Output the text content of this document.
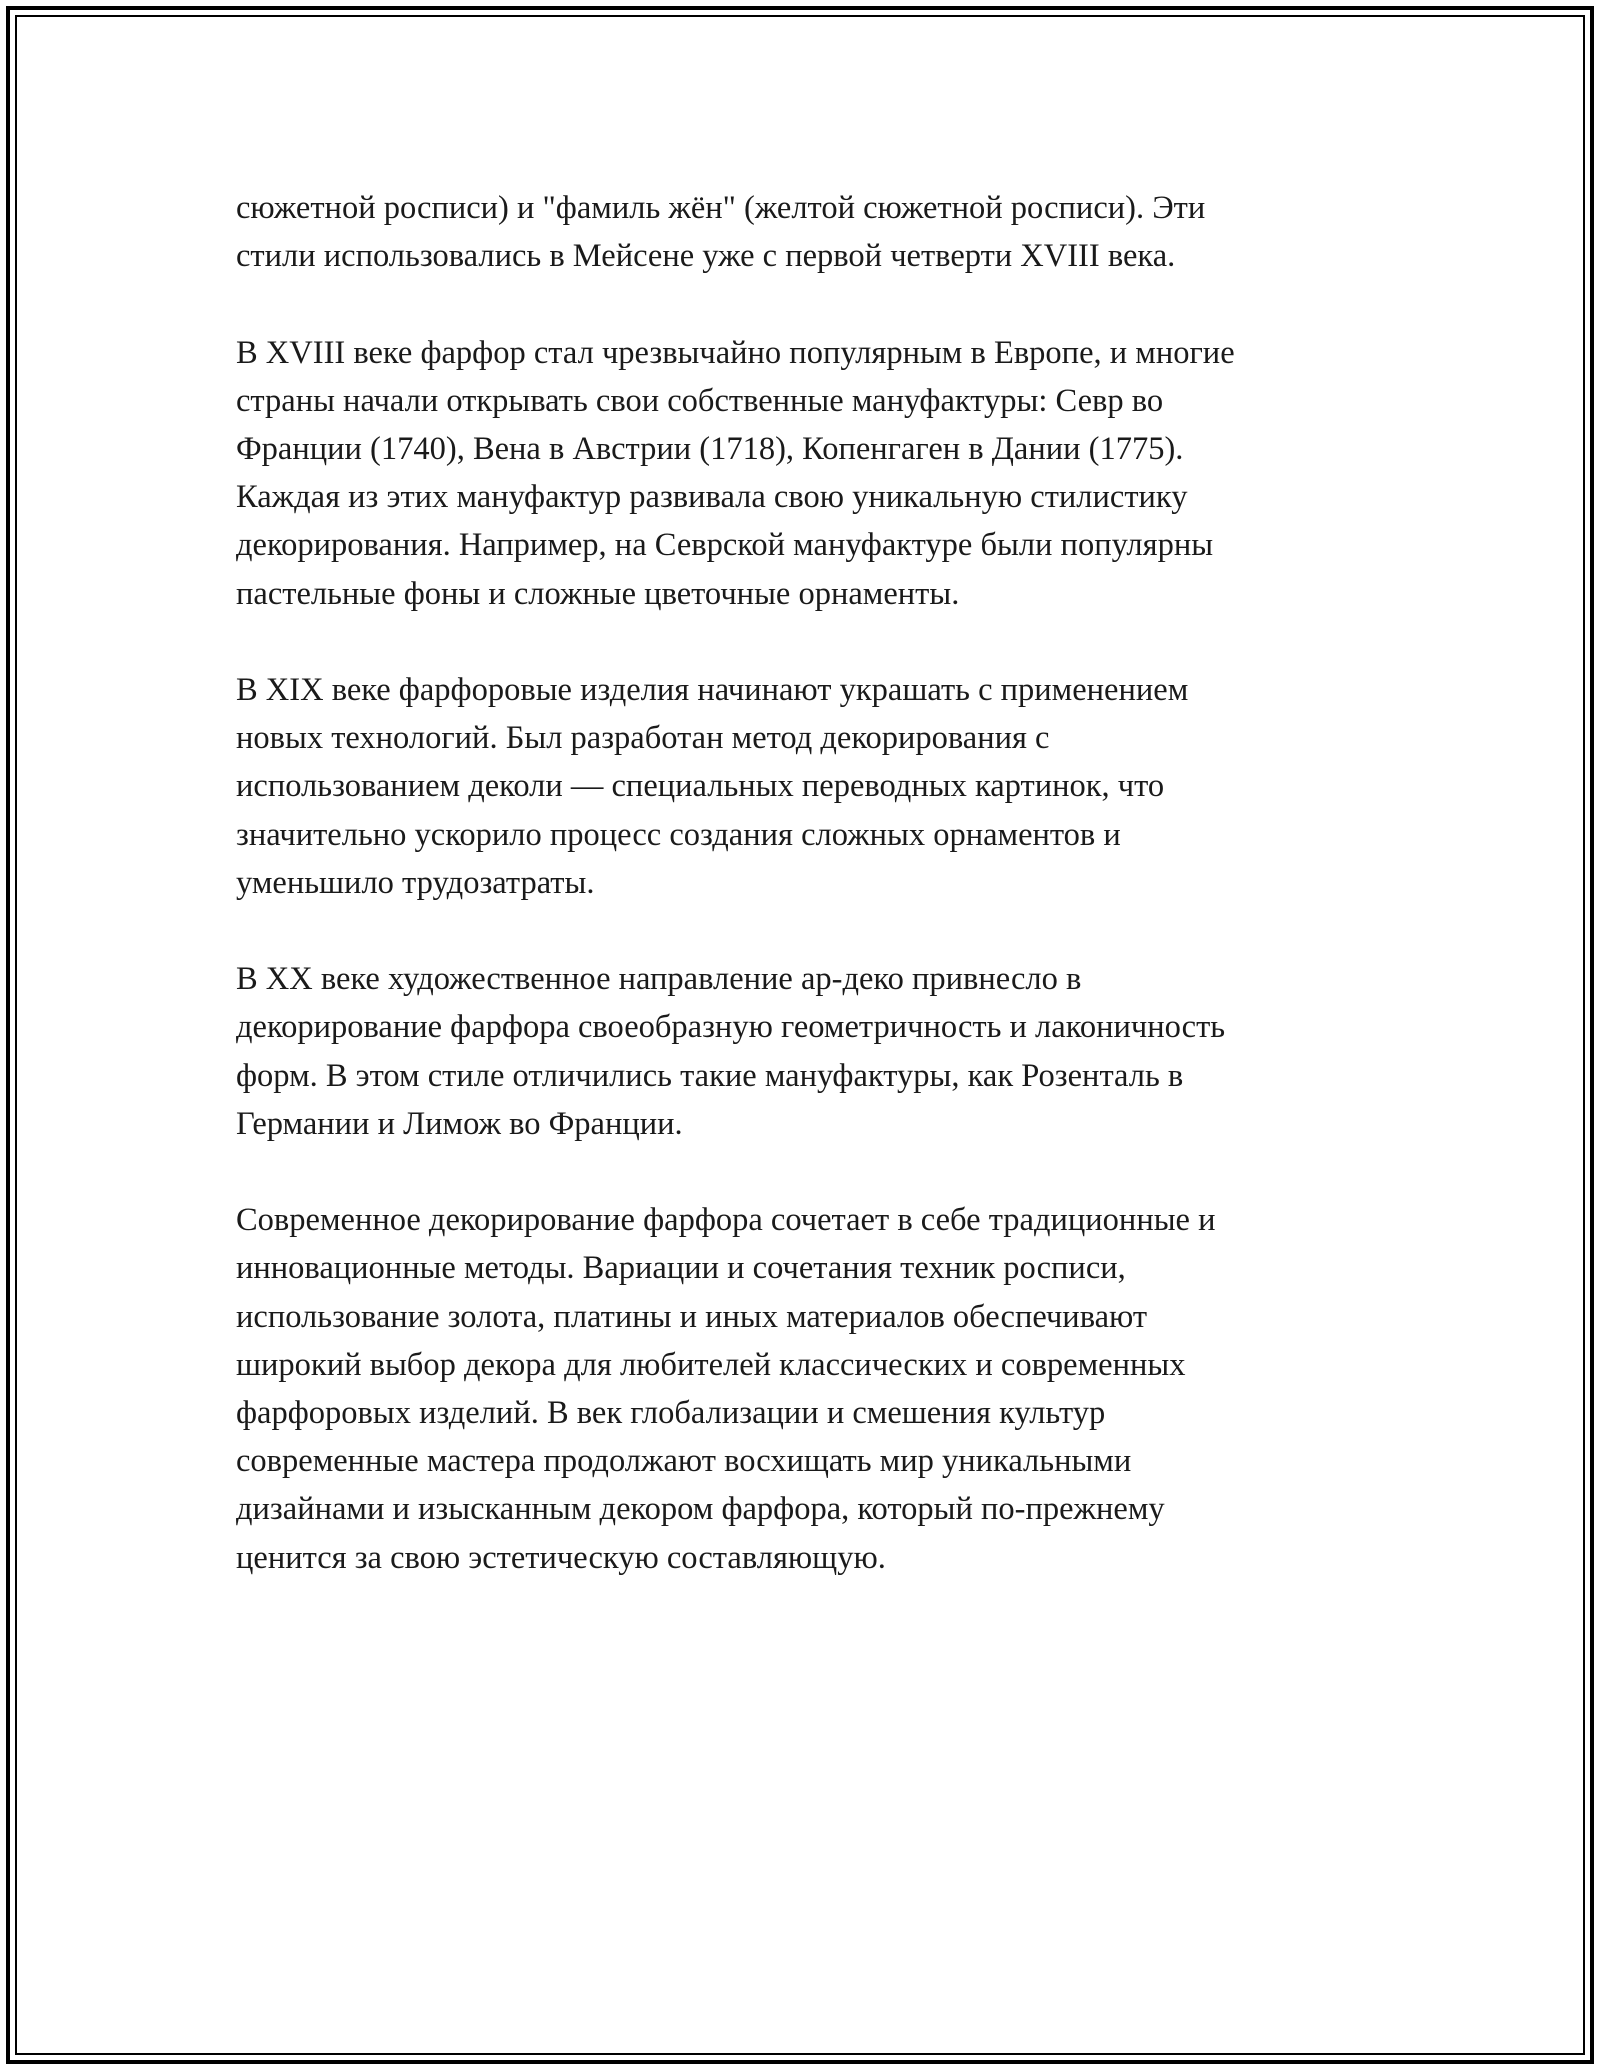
сюжетной росписи) и "фамиль жён" (желтой сюжетной росписи). Эти
стили использовались в Мейсене уже с первой четверти XVIII века.

В XVIII веке фарфор стал чрезвычайно популярным в Европе, и многие
страны начали открывать свои собственные мануфактуры: Севр во
Франции (1740), Вена в Австрии (1718), Копенгаген в Дании (1775).
Каждая из этих мануфактур развивала свою уникальную стилистику
декорирования. Например, на Севрской мануфактуре были популярны
пастельные фоны и сложные цветочные орнаменты.

В XIX веке фарфоровые изделия начинают украшать с применением
новых технологий. Был разработан метод декорирования с
использованием деколи — специальных переводных картинок, что
значительно ускорило процесс создания сложных орнаментов и
уменьшило трудозатраты.

В XX веке художественное направление ар-деко привнесло в
декорирование фарфора своеобразную геометричность и лаконичность
форм. В этом стиле отличились такие мануфактуры, как Розенталь в
Германии и Лимож во Франции.

Современное декорирование фарфора сочетает в себе традиционные и
инновационные методы. Вариации и сочетания техник росписи,
использование золота, платины и иных материалов обеспечивают
широкий выбор декора для любителей классических и современных
фарфоровых изделий. В век глобализации и смешения культур
современные мастера продолжают восхищать мир уникальными
дизайнами и изысканным декором фарфора, который по-прежнему
ценится за свою эстетическую составляющую.
